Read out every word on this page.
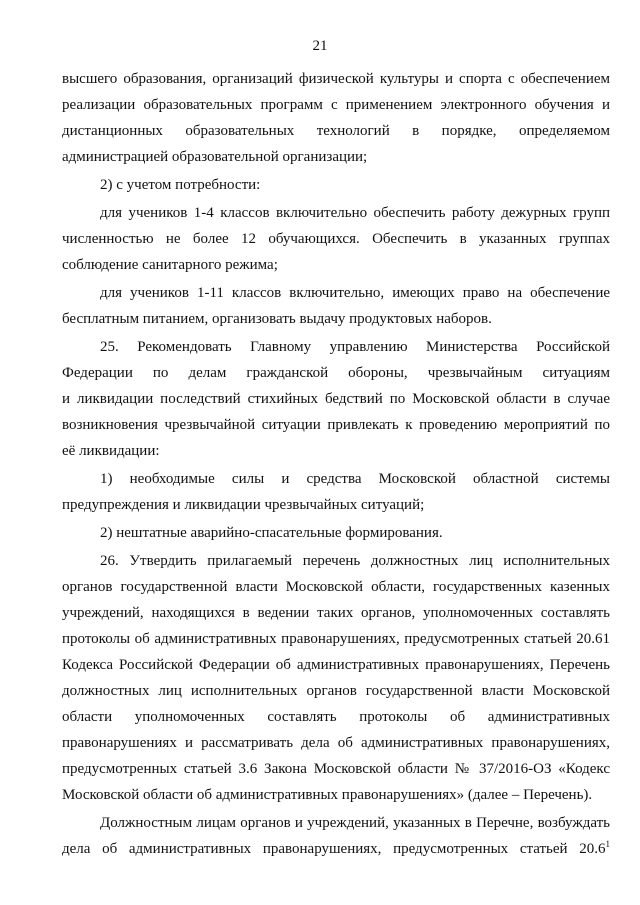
21
высшего образования, организаций физической культуры и спорта с обеспечением
реализации образовательных программ с применением электронного обучения и
дистанционных образовательных технологий в порядке, определяемом
администрацией образовательной организации;
2) с учетом потребности:
для учеников 1-4 классов включительно обеспечить работу дежурных групп
численностью не более 12 обучающихся. Обеспечить в указанных группах
соблюдение санитарного режима;
для учеников 1-11 классов включительно, имеющих право на обеспечение
бесплатным питанием, организовать выдачу продуктовых наборов.
25. Рекомендовать Главному управлению Министерства Российской
Федерации по делам гражданской обороны, чрезвычайным ситуациям
и ликвидации последствий стихийных бедствий по Московской области в случае
возникновения чрезвычайной ситуации привлекать к проведению мероприятий по
её ликвидации:
1) необходимые силы и средства Московской областной системы
предупреждения и ликвидации чрезвычайных ситуаций;
2) нештатные аварийно-спасательные формирования.
26. Утвердить прилагаемый перечень должностных лиц исполнительных
органов государственной власти Московской области, государственных казенных
учреждений, находящихся в ведении таких органов, уполномоченных составлять
протоколы об административных правонарушениях, предусмотренных статьей 20.61
Кодекса Российской Федерации об административных правонарушениях, Перечень
должностных лиц исполнительных органов государственной власти Московской
области уполномоченных составлять протоколы об административных
правонарушениях и рассматривать дела об административных правонарушениях,
предусмотренных статьей 3.6 Закона Московской области № 37/2016-ОЗ «Кодекс
Московской области об административных правонарушениях» (далее – Перечень).
Должностным лицам органов и учреждений, указанных в Перечне, возбуждать
дела об административных правонарушениях, предусмотренных статьей 20.6$^1$
